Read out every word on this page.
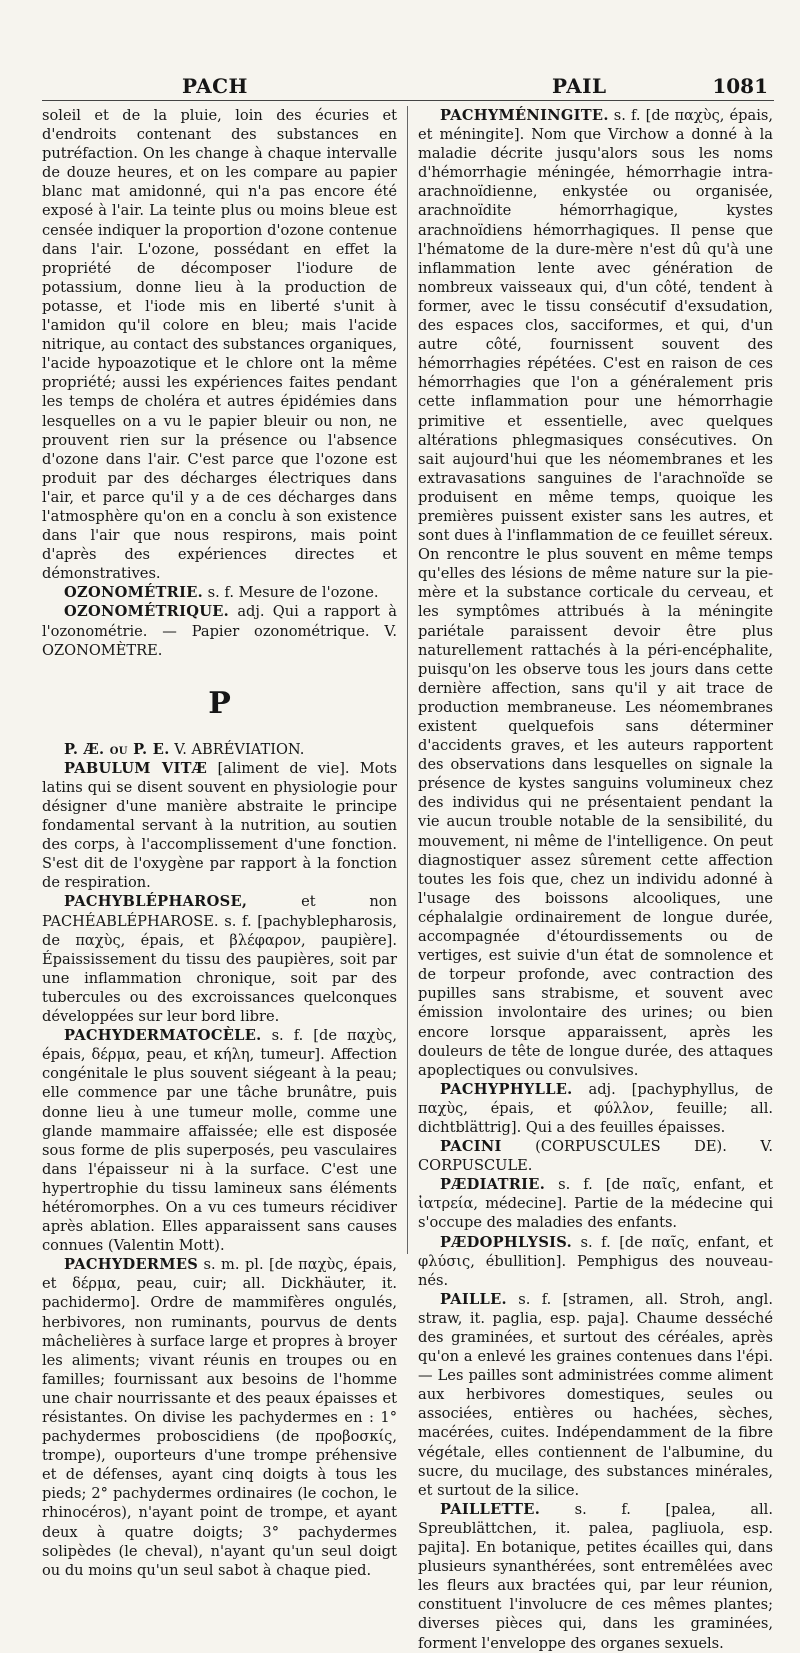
PACH	PAIL	1081

soleil et de la pluie, loin des écuries et d'endroits contenant des substances en putréfaction. On les change à chaque intervalle de douze heures, et on les compare au papier blanc mat amidonné, qui n'a pas encore été exposé à l'air. La teinte plus ou moins bleue est censée indiquer la proportion d'ozone contenue dans l'air. L'ozone, possédant en effet la propriété de décomposer l'iodure de potassium, donne lieu à la production de potasse, et l'iode mis en liberté s'unit à l'amidon qu'il colore en bleu; mais l'acide nitrique, au contact des substances organiques, l'acide hypoazotique et le chlore ont la même propriété; aussi les expériences faites pendant les temps de choléra et autres épidémies dans lesquelles on a vu le papier bleuir ou non, ne prouvent rien sur la présence ou l'absence d'ozone dans l'air. C'est parce que l'ozone est produit par des décharges électriques dans l'air, et parce qu'il y a de ces décharges dans l'atmosphère qu'on en a conclu à son existence dans l'air que nous respirons, mais point d'après des expériences directes et démonstratives.

OZONOMÉTRIE. s. f. Mesure de l'ozone.

OZONOMÉTRIQUE. adj. Qui a rapport à l'ozonométrie. — Papier ozonométrique. V. OZONOMÈTRE.

P

P. Æ. ou P. E. V. ABRÉVIATION.

PABULUM VITÆ [aliment de vie]. Mots latins qui se disent souvent en physiologie pour désigner d'une manière abstraite le principe fondamental servant à la nutrition, au soutien des corps, à l'accomplissement d'une fonction. S'est dit de l'oxygène par rapport à la fonction de respiration.

PACHYBLÉPHAROSE, et non PACHÉABLÉPHAROSE. s. f. [pachyblepharosis, de παχὺς, épais, et βλέφαρον, paupière]. Épaississement du tissu des paupières, soit par une inflammation chronique, soit par des tubercules ou des excroissances quelconques développées sur leur bord libre.

PACHYDERMATOCÈLE. s. f. [de παχὺς, épais, δέρμα, peau, et κήλη, tumeur]. Affection congénitale le plus souvent siégeant à la peau; elle commence par une tâche brunâtre, puis donne lieu à une tumeur molle, comme une glande mammaire affaissée; elle est disposée sous forme de plis superposés, peu vasculaires dans l'épaisseur ni à la surface. C'est une hypertrophie du tissu lamineux sans éléments hétéromorphes. On a vu ces tumeurs récidiver après ablation. Elles apparaissent sans causes connues (Valentin Mott).

PACHYDERMES s. m. pl. [de παχὺς, épais, et δέρμα, peau, cuir; all. Dickhäuter, it. pachidermo]. Ordre de mammifères ongulés, herbivores, non ruminants, pourvus de dents mâchelières à surface large et propres à broyer les aliments; vivant réunis en troupes ou en familles; fournissant aux besoins de l'homme une chair nourrissante et des peaux épaisses et résistantes. On divise les pachydermes en : 1° pachydermes proboscidiens (de προβοσκίς, trompe), ouporteurs d'une trompe préhensive et de défenses, ayant cinq doigts à tous les pieds; 2° pachydermes ordinaires (le cochon, le rhinocéros), n'ayant point de trompe, et ayant deux à quatre doigts; 3° pachydermes solipèdes (le cheval), n'ayant qu'un seul doigt ou du moins qu'un seul sabot à chaque pied.

PACHYMÉNINGITE. s. f. [de παχὺς, épais, et méningite]. Nom que Virchow a donné à la maladie décrite jusqu'alors sous les noms d'hémorrhagie méningée, hémorrhagie intra-arachnoïdienne, enkystée ou organisée, arachnoïdite hémorrhagique, kystes arachnoïdiens hémorrhagiques. Il pense que l'hématome de la dure-mère n'est dû qu'à une inflammation lente avec génération de nombreux vaisseaux qui, d'un côté, tendent à former, avec le tissu consécutif d'exsudation, des espaces clos, sacciformes, et qui, d'un autre côté, fournissent souvent des hémorrhagies répétées. C'est en raison de ces hémorrhagies que l'on a généralement pris cette inflammation pour une hémorrhagie primitive et essentielle, avec quelques altérations phlegmasiques consécutives. On sait aujourd'hui que les néomembranes et les extravasations sanguines de l'arachnoïde se produisent en même temps, quoique les premières puissent exister sans les autres, et sont dues à l'inflammation de ce feuillet séreux. On rencontre le plus souvent en même temps qu'elles des lésions de même nature sur la pie-mère et la substance corticale du cerveau, et les symptômes attribués à la méningite pariétale paraissent devoir être plus naturellement rattachés à la péri-encéphalite, puisqu'on les observe tous les jours dans cette dernière affection, sans qu'il y ait trace de production membraneuse. Les néomembranes existent quelquefois sans déterminer d'accidents graves, et les auteurs rapportent des observations dans lesquelles on signale la présence de kystes sanguins volumineux chez des individus qui ne présentaient pendant la vie aucun trouble notable de la sensibilité, du mouvement, ni même de l'intelligence. On peut diagnostiquer assez sûrement cette affection toutes les fois que, chez un individu adonné à l'usage des boissons alcooliques, une céphalalgie ordinairement de longue durée, accompagnée d'étourdissements ou de vertiges, est suivie d'un état de somnolence et de torpeur profonde, avec contraction des pupilles sans strabisme, et souvent avec émission involontaire des urines; ou bien encore lorsque apparaissent, après les douleurs de tête de longue durée, des attaques apoplectiques ou convulsives.

PACHYPHYLLE. adj. [pachyphyllus, de παχὺς, épais, et φύλλον, feuille; all. dichtblättrig]. Qui a des feuilles épaisses.

PACINI (CORPUSCULES DE). V. CORPUSCULE.

PÆDIATRIE. s. f. [de παῖς, enfant, et ἰατρεία, médecine]. Partie de la médecine qui s'occupe des maladies des enfants.

PÆDOPHLYSIS. s. f. [de παῖς, enfant, et φλύσις, ébullition]. Pemphigus des nouveau-nés.

PAILLE. s. f. [stramen, all. Stroh, angl. straw, it. paglia, esp. paja]. Chaume desséché des graminées, et surtout des céréales, après qu'on a enlevé les graines contenues dans l'épi. — Les pailles sont administrées comme aliment aux herbivores domestiques, seules ou associées, entières ou hachées, sèches, macérées, cuites. Indépendamment de la fibre végétale, elles contiennent de l'albumine, du sucre, du mucilage, des substances minérales, et surtout de la silice.

PAILLETTE. s. f. [palea, all. Spreublättchen, it. palea, pagliuola, esp. pajita]. En botanique, petites écailles qui, dans plusieurs synanthérées, sont entremêlées avec les fleurs aux bractées qui, par leur réunion, constituent l'involucre de ces mêmes plantes; diverses pièces qui, dans les graminées, forment l'enveloppe des organes sexuels.
